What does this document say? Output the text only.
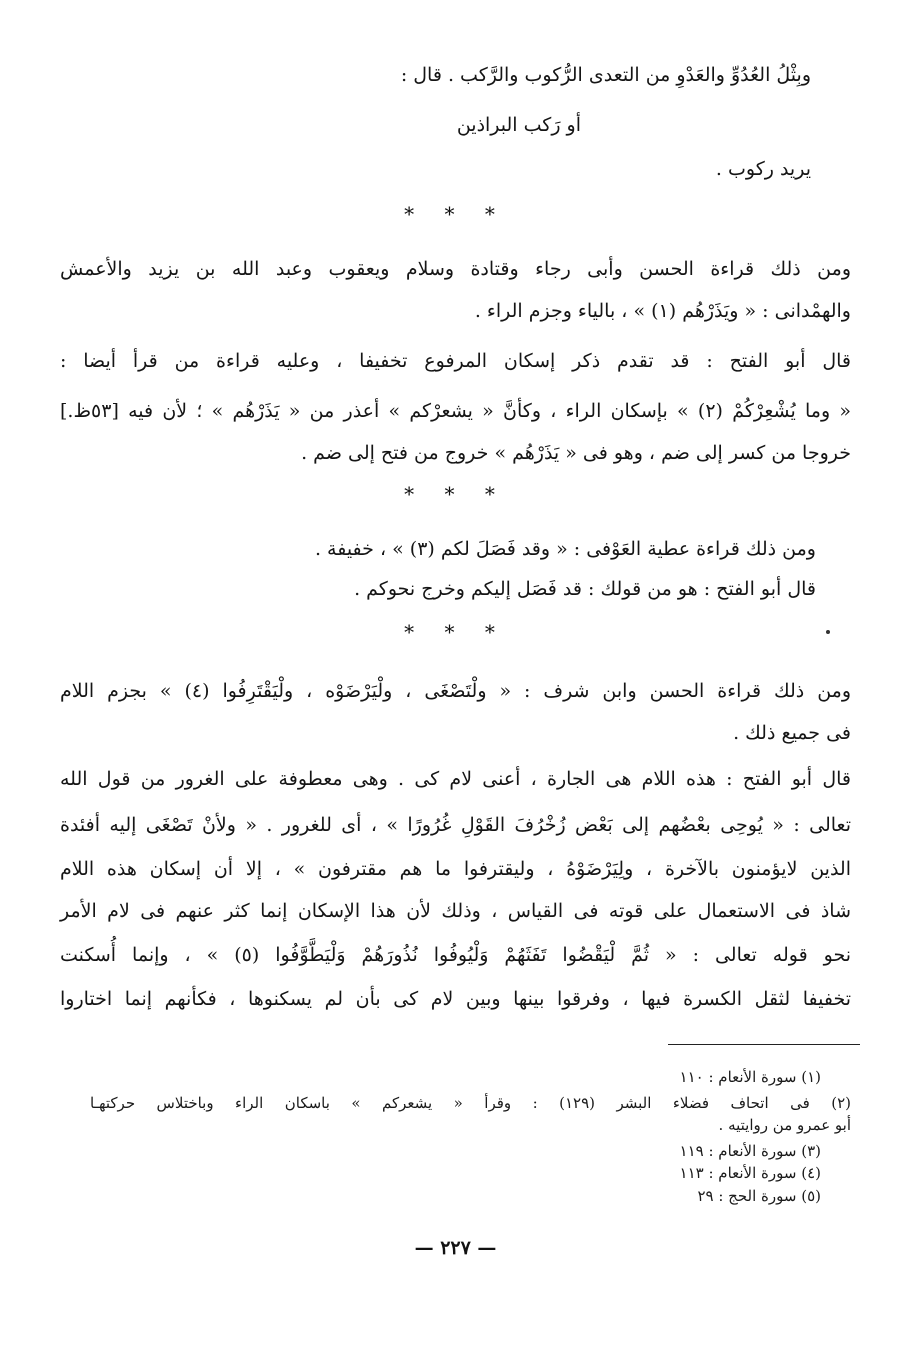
وبِثْلُ العُدُوِّ والعَدْوِ من التعدى الرُّكوب والرَّكب . قال :
أو رَكب البراذين
يريد ركوب .
* * *
ومن ذلك قراءة الحسن وأبى رجاء وقتادة وسلام ويعقوب وعبد الله بن يزيد والأعمش
والهمْدانى : « ويَذَرْهُم (١) » ، بالياء وجزم الراء .
قال أبو الفتح : قد تقدم ذكر إسكان المرفوع تخفيفا ، وعليه قراءة من قرأ أيضا :
« وما يُشْعِرْكُمْ (٢) » بإسكان الراء ، وكأنَّ « يشعرْكم » أعذر من « يَذَرْهُم » ؛ لأن فيه [٥٣ظ.]
خروجا من كسر إلى ضم ، وهو فى « يَذَرْهُم » خروج من فتح إلى ضم .
* * *
ومن ذلك قراءة عطية العَوْفى : « وقد فَصَلَ لكم (٣) » ، خفيفة .
قال أبو الفتح : هو من قولك : قد فَصَل إليكم وخرج نحوكم .
* * *
ومن ذلك قراءة الحسن وابن شرف : « ولْتَصْغَى ، ولْيَرْضَوْه ، ولْيَقْتَرِفُوا (٤) » بجزم اللام
فى جميع ذلك .
قال أبو الفتح : هذه اللام هى الجارة ، أعنى لام كى . وهى معطوفة على الغرور من قول الله
تعالى : « يُوحِى بعْضُهم إلى بَعْض زُخْرُفَ القَوْلِ غُرُورًا » ، أى للغرور . « ولأنْ تَصْغَى إليه أفئدة
الذين لايؤمنون بالآخرة ، ولِيَرْضَوْهُ ، وليقترفوا ما هم مقترفون » ، إلا أن إسكان هذه اللام
شاذ فى الاستعمال على قوته فى القياس ، وذلك لأن هذا الإسكان إنما كثر عنهم فى لام الأمر
نحو قوله تعالى : « ثُمَّ لْيَقْضُوا تَفَثَهُمْ وَلْيُوفُوا نُذُورَهُمْ وَلْيَطَّوَّفُوا (٥) » ، وإنما أُسكنت
تخفيفا لثقل الكسرة فيها ، وفرقوا بينها وبين لام كى بأن لم يسكنوها ، فكأنهم إنما اختاروا
(١) سورة الأنعام : ١١٠
(٢) فى اتحاف فضلاء البشر (١٢٩) : وقرأ « يشعركم » باسكان الراء وباختلاس حركتهـا
أبو عمرو من روايتيه .
(٣) سورة الأنعام : ١١٩
(٤) سورة الأنعام : ١١٣
(٥) سورة الحج : ٢٩
— ٢٢٧ —
